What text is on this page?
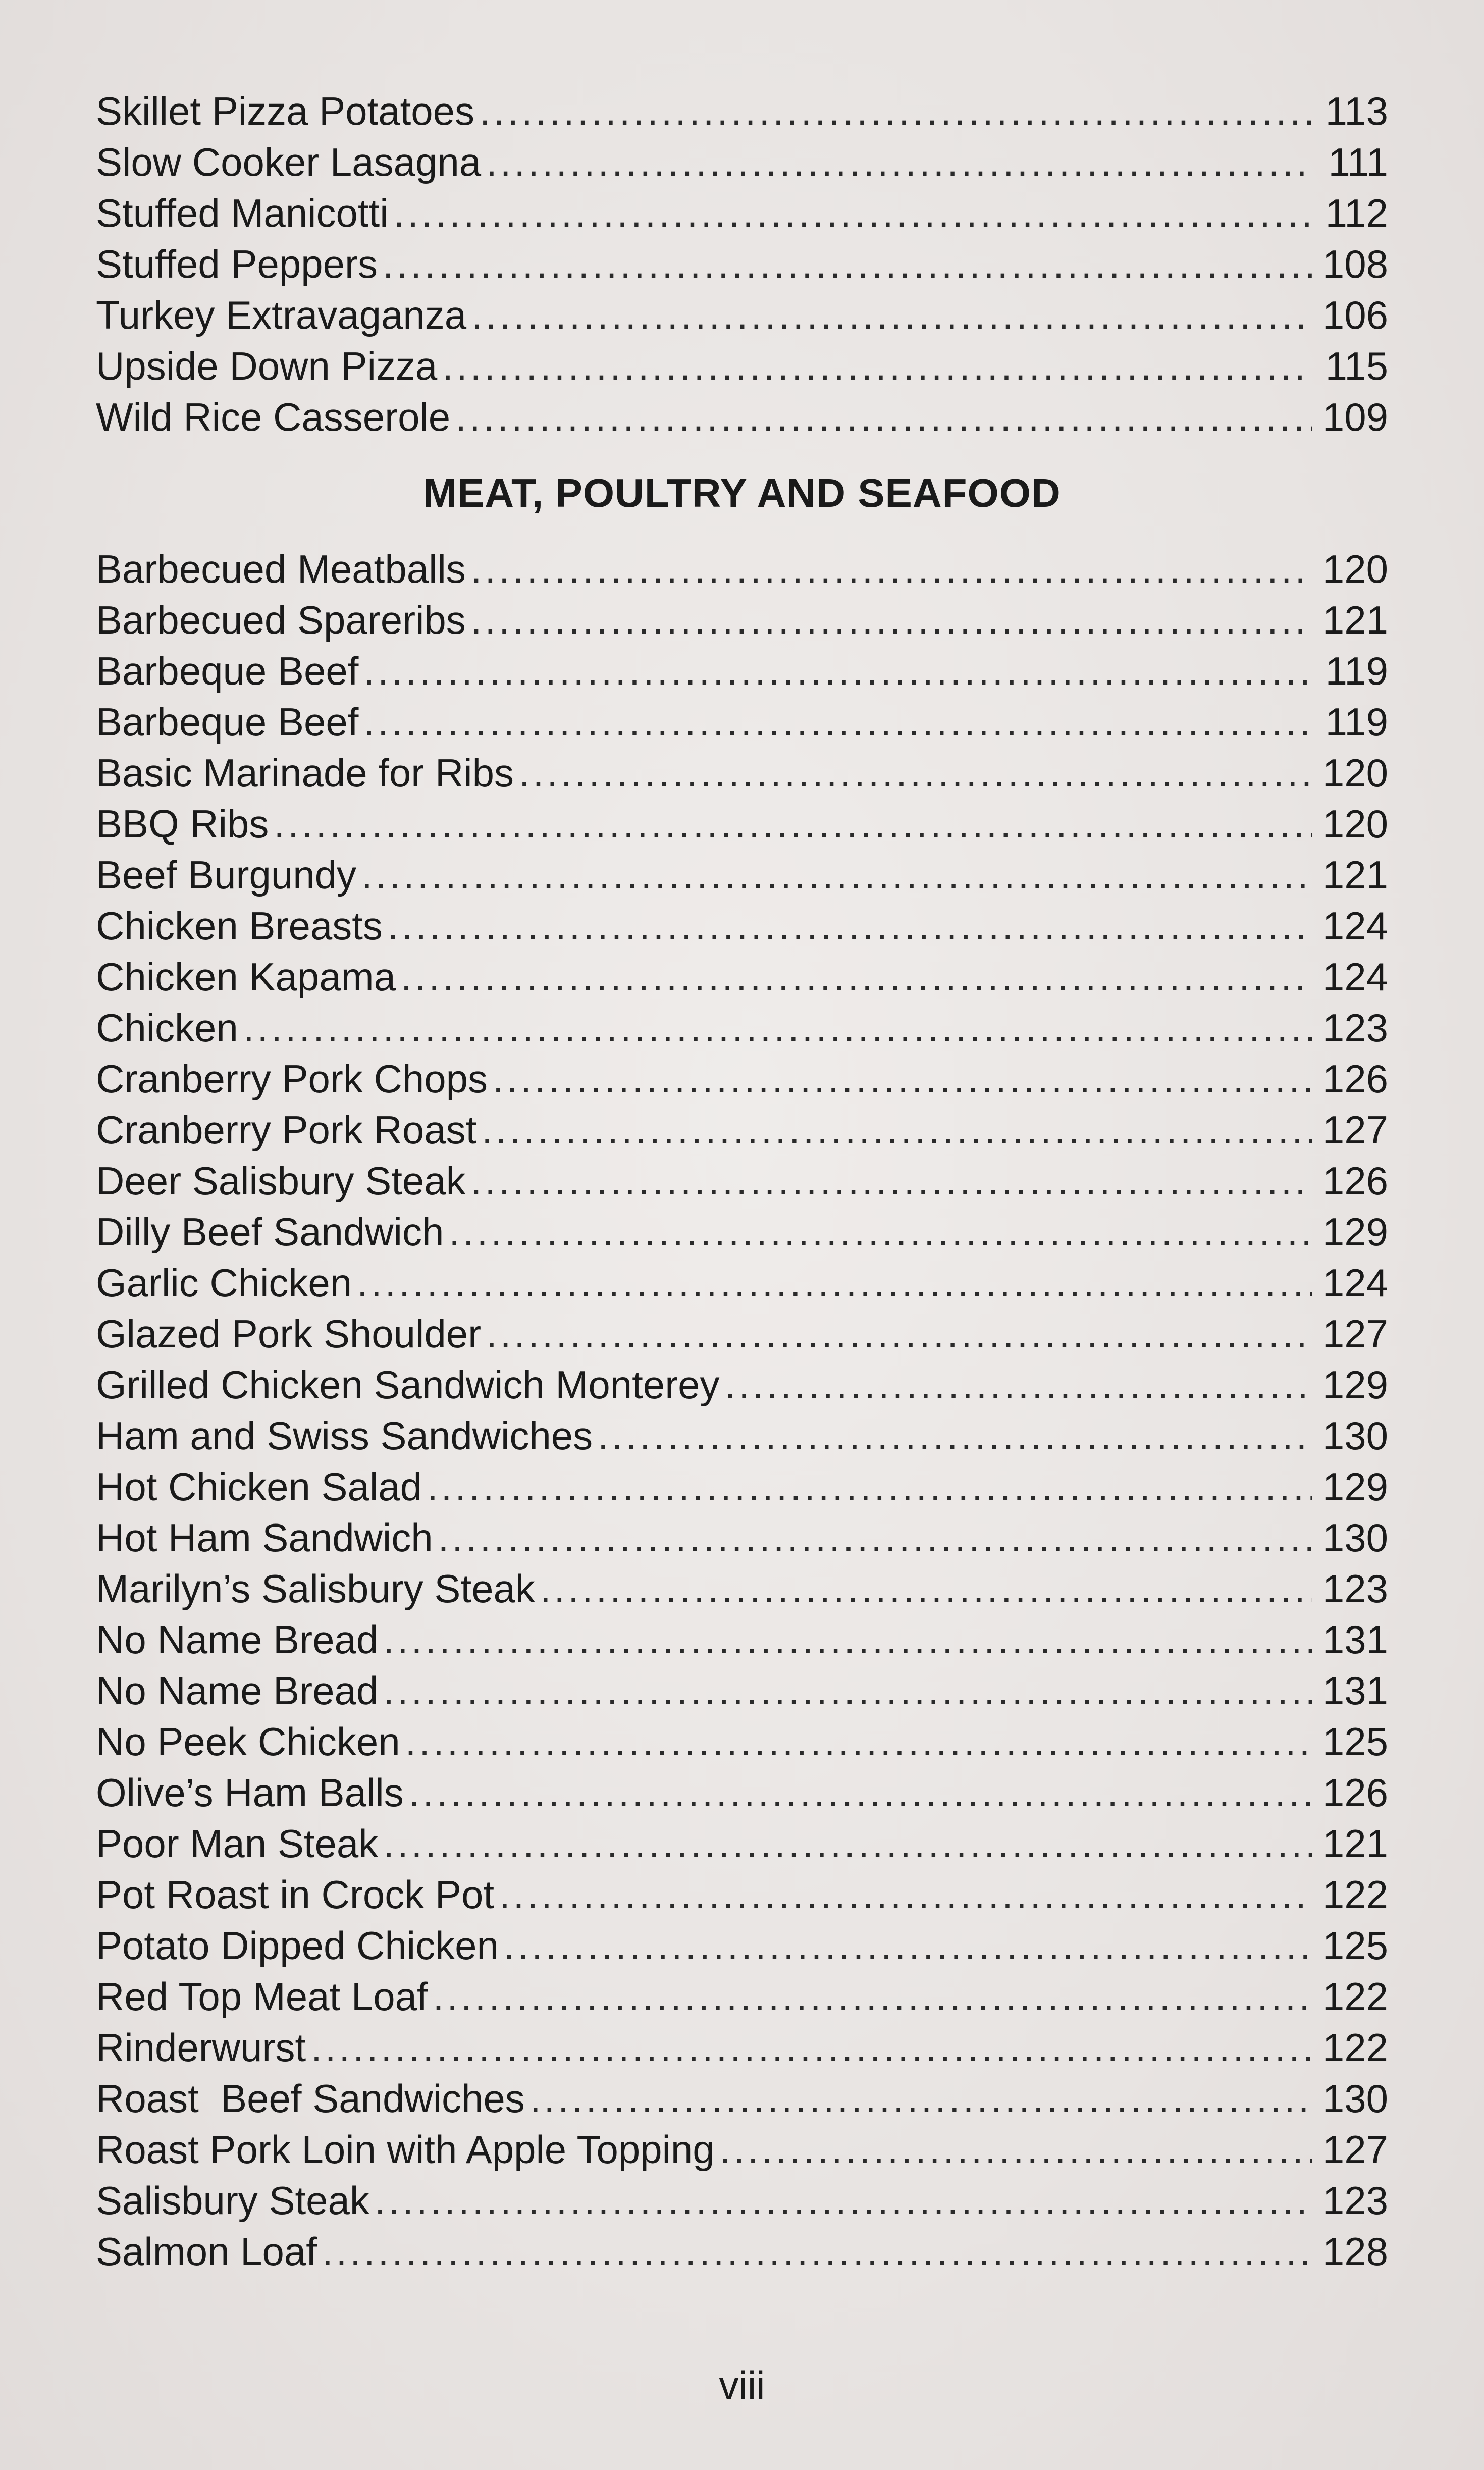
Skillet Pizza Potatoes .....	113
Slow Cooker Lasagna .....	111
Stuffed Manicotti .....	112
Stuffed Peppers .....	108
Turkey Extravaganza .....	106
Upside Down Pizza .....	115
Wild Rice Casserole .....	109
MEAT, POULTRY AND SEAFOOD
Barbecued Meatballs .....	120
Barbecued Spareribs .....	121
Barbeque Beef .....	119
Barbeque Beef .....	119
Basic Marinade for Ribs .....	120
BBQ Ribs .....	120
Beef Burgundy .....	121
Chicken Breasts .....	124
Chicken Kapama .....	124
Chicken .....	123
Cranberry Pork Chops .....	126
Cranberry Pork Roast .....	127
Deer Salisbury Steak .....	126
Dilly Beef Sandwich .....	129
Garlic Chicken .....	124
Glazed Pork Shoulder .....	127
Grilled Chicken Sandwich Monterey .....	129
Ham and Swiss Sandwiches .....	130
Hot Chicken Salad .....	129
Hot Ham Sandwich .....	130
Marilyn’s Salisbury Steak .....	123
No Name Bread .....	131
No Name Bread .....	131
No Peek Chicken .....	125
Olive’s Ham Balls .....	126
Poor Man Steak .....	121
Pot Roast in Crock Pot .....	122
Potato Dipped Chicken .....	125
Red Top Meat Loaf .....	122
Rinderwurst .....	122
Roast  Beef Sandwiches .....	130
Roast Pork Loin with Apple Topping .....	127
Salisbury Steak .....	123
Salmon Loaf .....	128
viii
